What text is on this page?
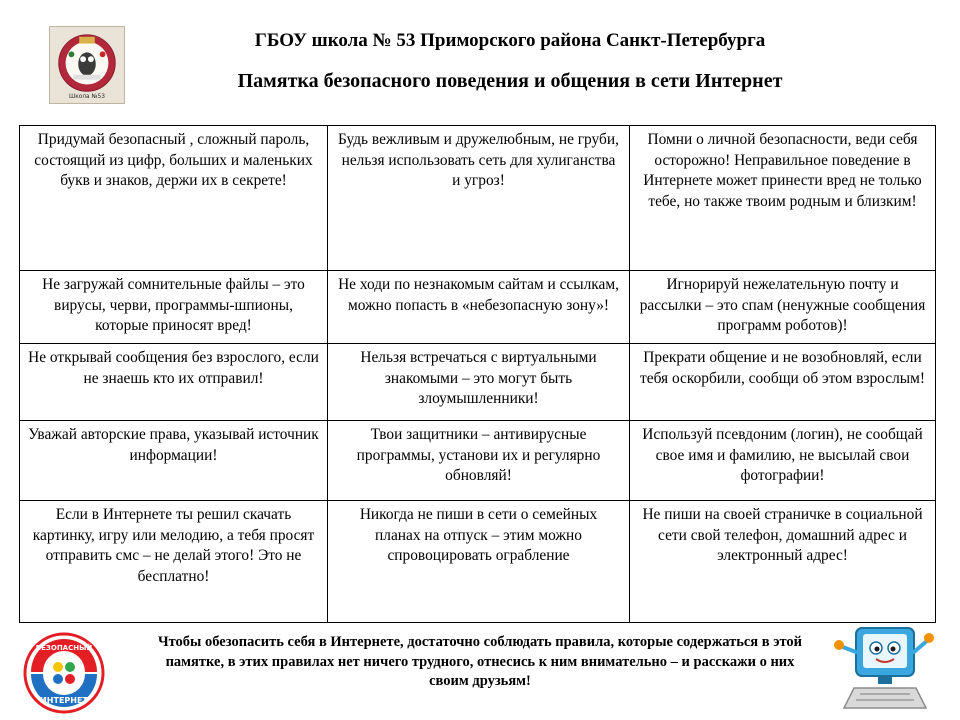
Школа №53
ГБОУ школа № 53 Приморского района Санкт-Петербурга
Памятка безопасного поведения и общения в сети Интернет
Придумай безопасный , сложный пароль, состоящий из цифр, больших и маленьких букв и знаков, держи их в секрете!	Будь вежливым и дружелюбным, не груби, нельзя использовать сеть для хулиганства и угроз!	Помни о личной безопасности, веди себя осторожно! Неправильное поведение в Интернете может принести вред не только тебе, но также твоим родным и близким!
Не загружай сомнительные файлы – это вирусы, черви, программы-шпионы, которые приносят вред!	Не ходи по незнакомым сайтам и ссылкам, можно попасть в «небезопасную зону»!	Игнорируй нежелательную почту и рассылки – это спам (ненужные сообщения программ роботов)!
Не открывай сообщения без взрослого, если не знаешь кто их отправил!	Нельзя встречаться с виртуальными знакомыми – это могут быть злоумышленники!	Прекрати общение и не возобновляй, если тебя оскорбили, сообщи об этом взрослым!
Уважай авторские права, указывай источник информации!	Твои защитники – антивирусные программы, установи их и регулярно обновляй!	Используй псевдоним (логин), не сообщай свое имя и фамилию, не высылай свои фотографии!
Если в Интернете ты решил скачать картинку, игру или мелодию, а тебя просят отправить смс – не делай этого! Это не бесплатно!	Никогда не пиши в сети о семейных планах на отпуск – этим можно спровоцировать ограбление	Не пиши на своей страничке в социальной сети свой телефон, домашний адрес и электронный адрес!
БЕЗОПАСНЫЙ
ИНТЕРНЕТ
Чтобы обезопасить себя в Интернете, достаточно соблюдать правила, которые содержаться в этой памятке, в этих правилах нет ничего трудного, отнесись к ним внимательно – и расскажи о них своим друзьям!
